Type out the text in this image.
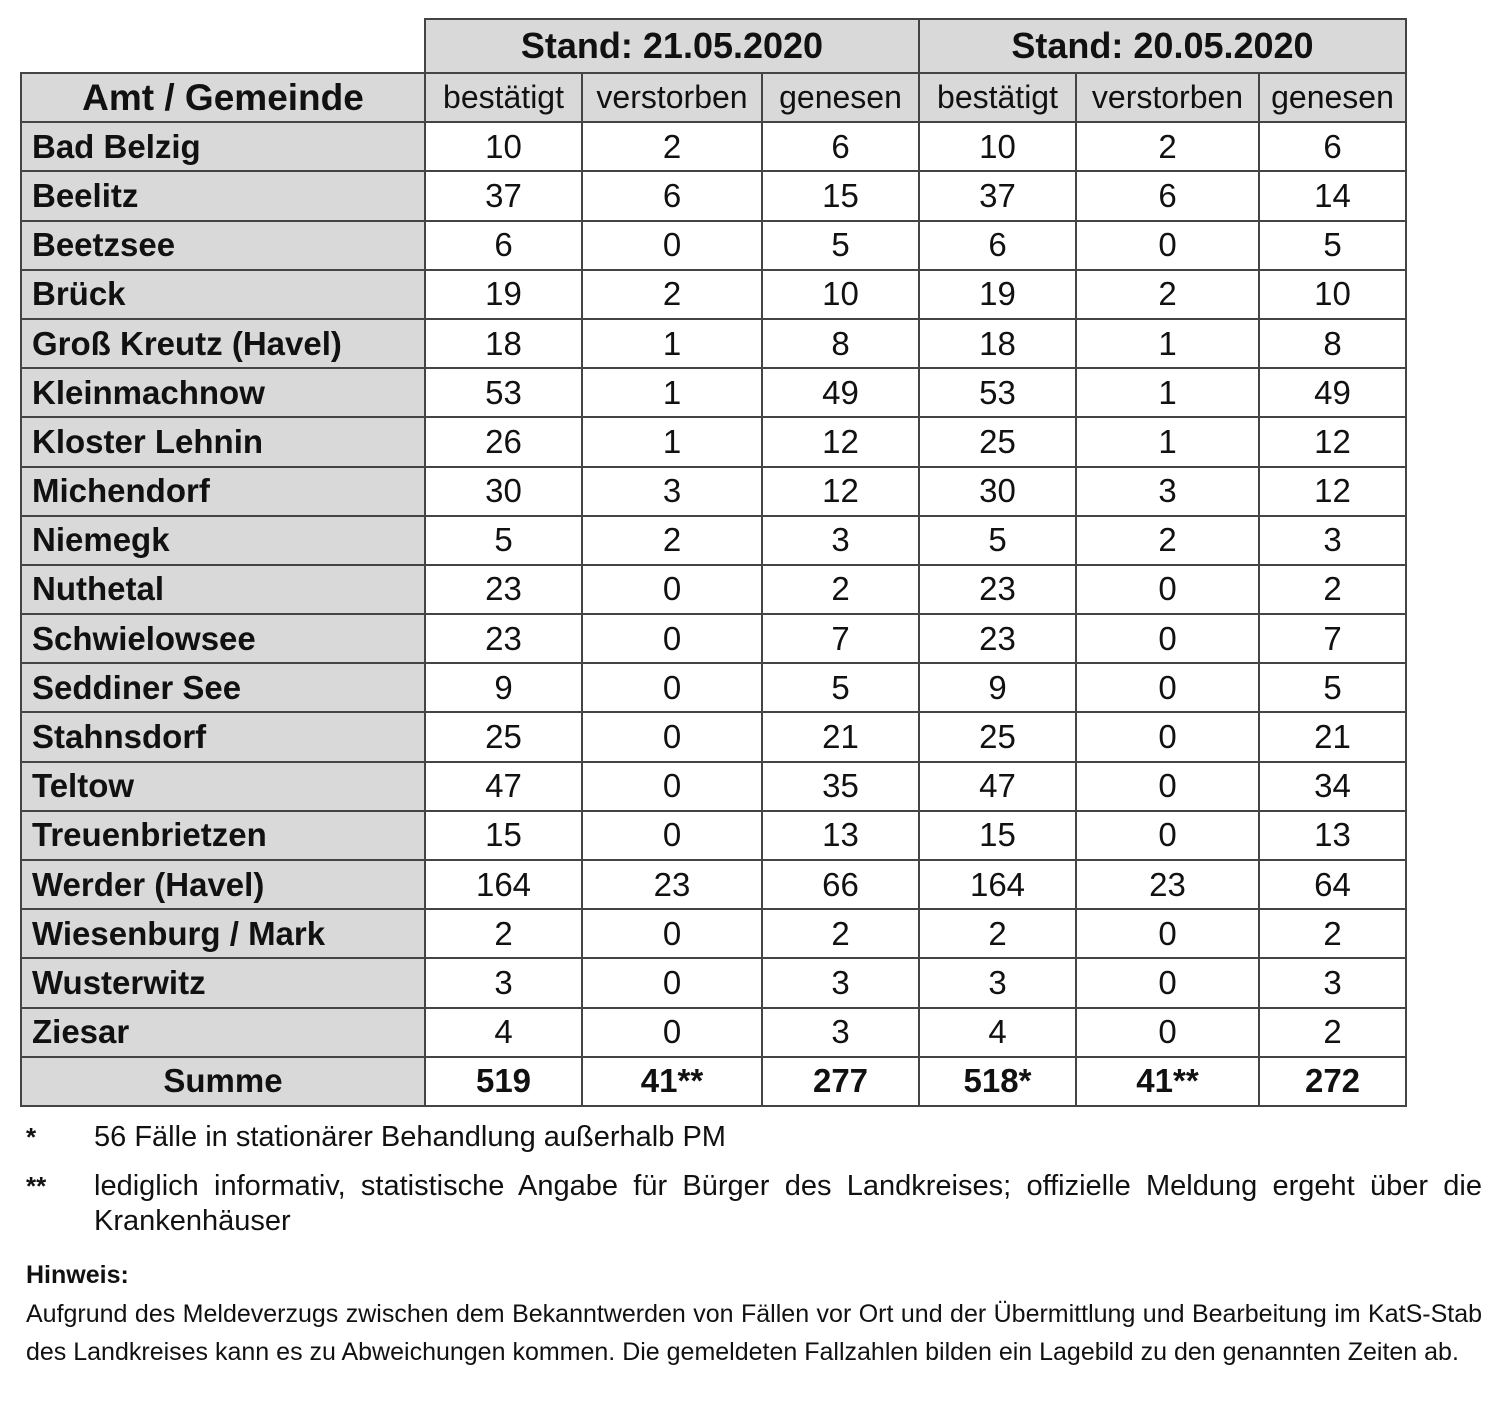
	Stand: 21.05.2020			Stand: 20.05.2020		
Amt / Gemeinde	bestätigt	verstorben	genesen	bestätigt	verstorben	genesen
Bad Belzig	10	2	6	10	2	6
Beelitz	37	6	15	37	6	14
Beetzsee	6	0	5	6	0	5
Brück	19	2	10	19	2	10
Groß Kreutz (Havel)	18	1	8	18	1	8
Kleinmachnow	53	1	49	53	1	49
Kloster Lehnin	26	1	12	25	1	12
Michendorf	30	3	12	30	3	12
Niemegk	5	2	3	5	2	3
Nuthetal	23	0	2	23	0	2
Schwielowsee	23	0	7	23	0	7
Seddiner See	9	0	5	9	0	5
Stahnsdorf	25	0	21	25	0	21
Teltow	47	0	35	47	0	34
Treuenbrietzen	15	0	13	15	0	13
Werder (Havel)	164	23	66	164	23	64
Wiesenburg / Mark	2	0	2	2	0	2
Wusterwitz	3	0	3	3	0	3
Ziesar	4	0	3	4	0	2
Summe	519	41**	277	518*	41**	272
* 56 Fälle in stationärer Behandlung außerhalb PM
** lediglich informativ, statistische Angabe für Bürger des Landkreises; offizielle Meldung ergeht über die Krankenhäuser
Hinweis:
Aufgrund des Meldeverzugs zwischen dem Bekanntwerden von Fällen vor Ort und der Übermittlung und Bearbeitung im KatS-Stab des Landkreises kann es zu Abweichungen kommen. Die gemeldeten Fallzahlen bilden ein Lagebild zu den genannten Zeiten ab.
